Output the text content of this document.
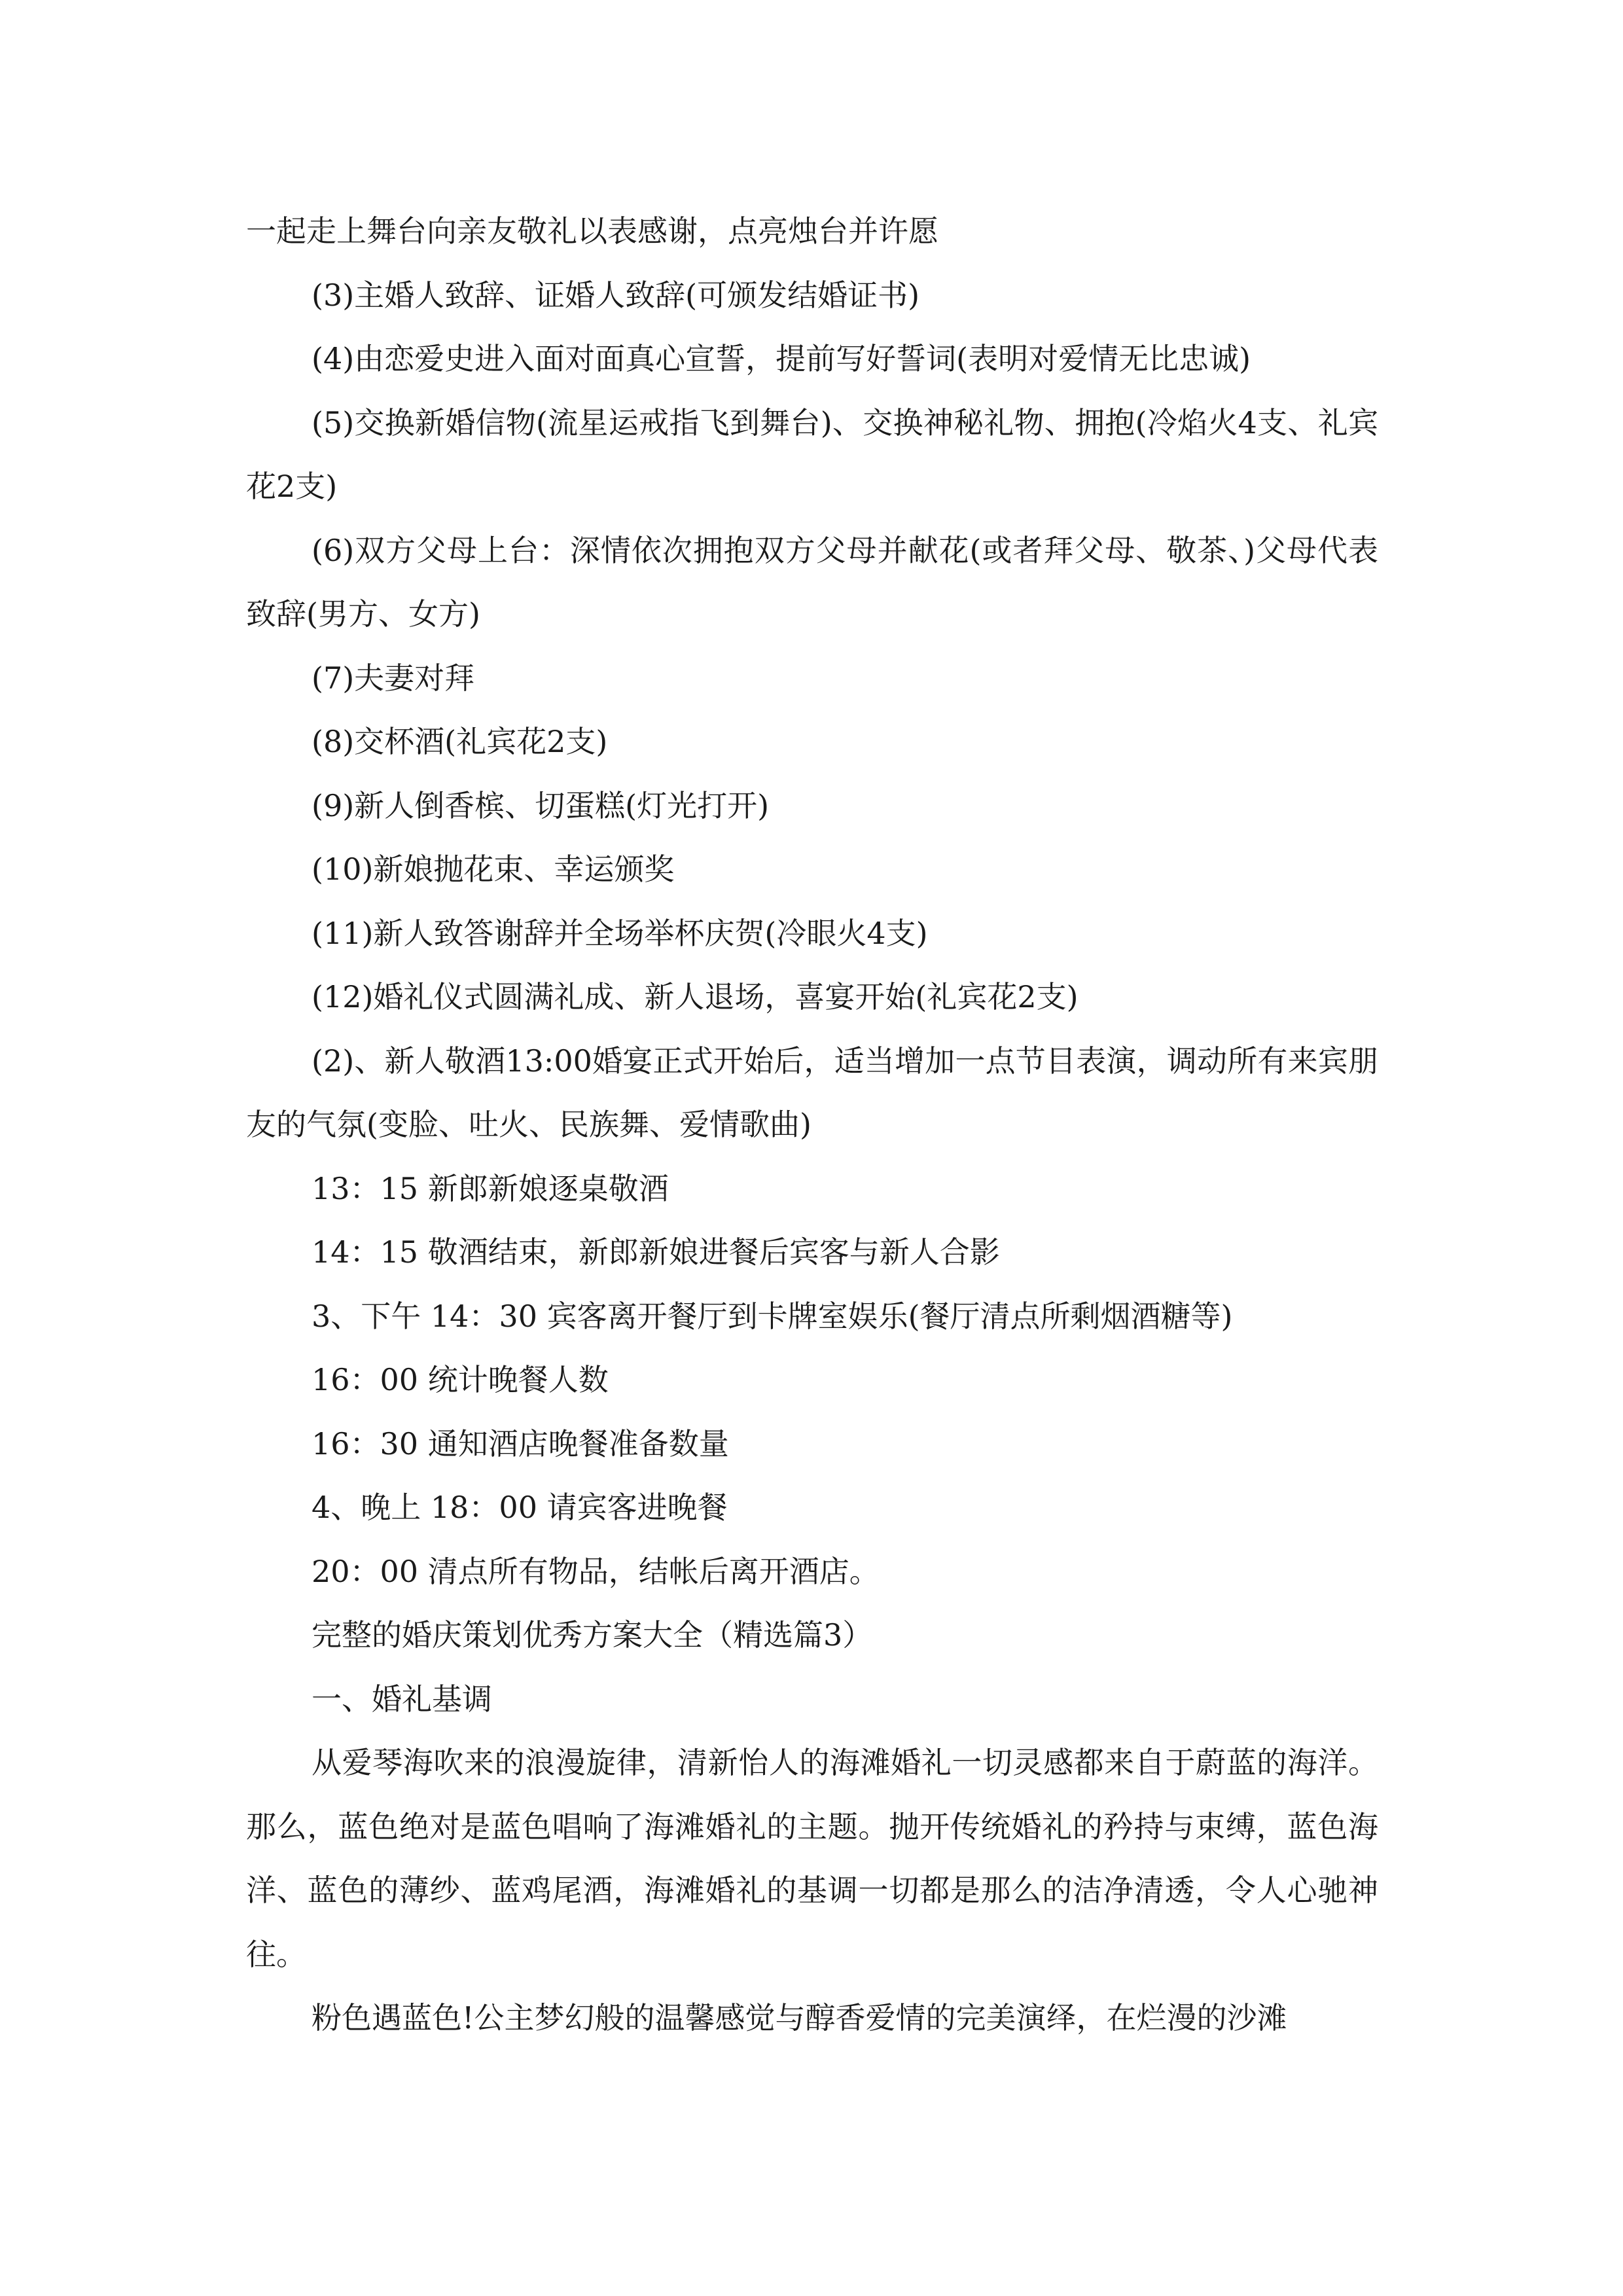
一起走上舞台向亲友敬礼以表感谢，点亮烛台并许愿

(3)主婚人致辞、证婚人致辞(可颁发结婚证书)

(4)由恋爱史进入面对面真心宣誓，提前写好誓词(表明对爱情无比忠诚)

(5)交换新婚信物(流星运戒指飞到舞台)、交换神秘礼物、拥抱(冷焰火4支、礼宾花2支)

(6)双方父母上台：深情依次拥抱双方父母并献花(或者拜父母、敬茶、)父母代表致辞(男方、女方)

(7)夫妻对拜

(8)交杯酒(礼宾花2支)

(9)新人倒香槟、切蛋糕(灯光打开)

(10)新娘抛花束、幸运颁奖

(11)新人致答谢辞并全场举杯庆贺(冷眼火4支)

(12)婚礼仪式圆满礼成、新人退场，喜宴开始(礼宾花2支)

(2)、新人敬酒13:00婚宴正式开始后，适当增加一点节目表演，调动所有来宾朋友的气氛(变脸、吐火、民族舞、爱情歌曲)

13：15 新郎新娘逐桌敬酒

14：15 敬酒结束，新郎新娘进餐后宾客与新人合影

3、下午 14：30 宾客离开餐厅到卡牌室娱乐(餐厅清点所剩烟酒糖等)

16：00 统计晚餐人数

16：30 通知酒店晚餐准备数量

4、晚上 18：00 请宾客进晚餐

20：00 清点所有物品，结帐后离开酒店。

完整的婚庆策划优秀方案大全（精选篇3）

一、婚礼基调

从爱琴海吹来的浪漫旋律，清新怡人的海滩婚礼一切灵感都来自于蔚蓝的海洋。那么，蓝色绝对是蓝色唱响了海滩婚礼的主题。抛开传统婚礼的矜持与束缚，蓝色海洋、蓝色的薄纱、蓝鸡尾酒，海滩婚礼的基调一切都是那么的洁净清透，令人心驰神往。

粉色遇蓝色!公主梦幻般的温馨感觉与醇香爱情的完美演绎，在烂漫的沙滩
